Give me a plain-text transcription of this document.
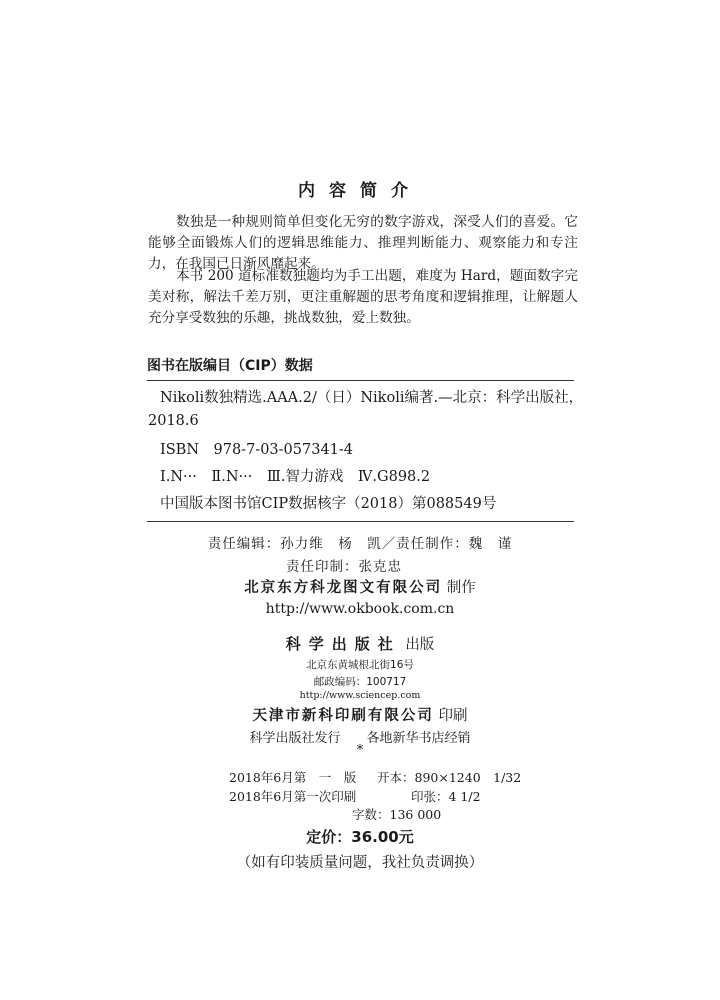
内容简介
数独是一种规则简单但变化无穷的数字游戏，深受人们的喜爱。它能够全面锻炼人们的逻辑思维能力、推理判断能力、观察能力和专注力，在我国已日渐风靡起来。
本书 200 道标准数独题均为手工出题，难度为 Hard，题面数字完美对称，解法千差万别，更注重解题的思考角度和逻辑推理，让解题人充分享受数独的乐趣，挑战数独，爱上数独。
图书在版编目（CIP）数据
Nikoli数独精选.AAA.2/（日）Nikoli编著.—北京：科学出版社，
2018.6
ISBN　978-7-03-057341-4
Ⅰ.N···　Ⅱ.N···　Ⅲ.智力游戏　Ⅳ.G898.2
中国版本图书馆CIP数据核字（2018）第088549号
责任编辑：孙力维　杨　凯／责任制作：魏　谨
责任印制：张克忠
北京东方科龙图文有限公司 制作
http://www.okbook.com.cn
科学出版社 出版
北京东黄城根北街16号
邮政编码：100717
http://www.sciencep.com
天津市新科印刷有限公司 印刷
科学出版社发行　　各地新华书店经销
*
2018年6月第　一　版 开本：890×1240　1/32
2018年6月第一次印刷	印张：4 1/2
字数：136 000
定价：36.00元
（如有印装质量问题，我社负责调换）
